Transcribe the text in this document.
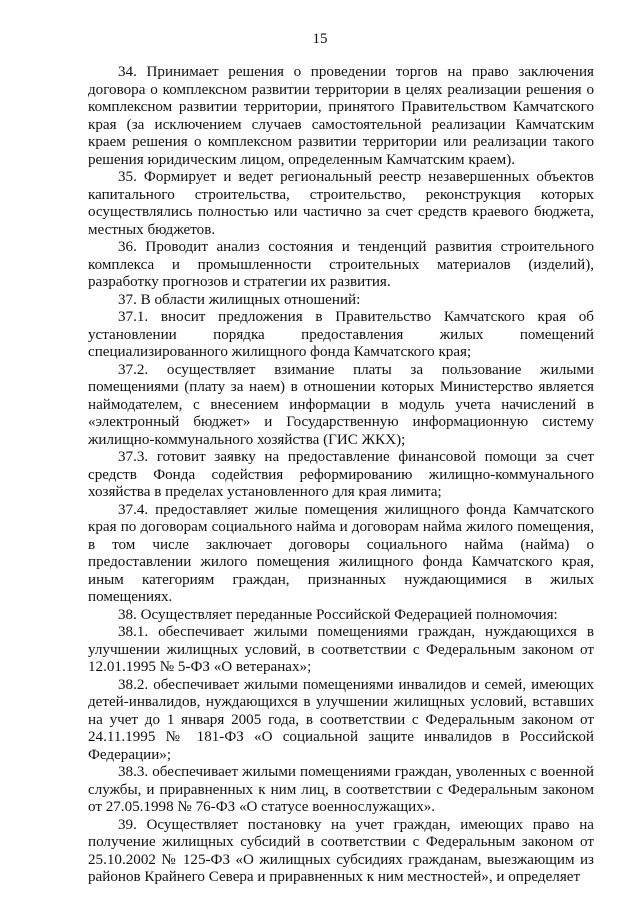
15

34. Принимает решения о проведении торгов на право заключения договора о комплексном развитии территории в целях реализации решения о комплексном развитии территории, принятого Правительством Камчатского края (за исключением случаев самостоятельной реализации Камчатским краем решения о комплексном развитии территории или реализации такого решения юридическим лицом, определенным Камчатским краем).

35. Формирует и ведет региональный реестр незавершенных объектов капитального строительства, строительство, реконструкция которых осуществлялись полностью или частично за счет средств краевого бюджета, местных бюджетов.

36. Проводит анализ состояния и тенденций развития строительного комплекса и промышленности строительных материалов (изделий), разработку прогнозов и стратегии их развития.

37. В области жилищных отношений:

37.1. вносит предложения в Правительство Камчатского края об установлении порядка предоставления жилых помещений специализированного жилищного фонда Камчатского края;

37.2. осуществляет взимание платы за пользование жилыми помещениями (плату за наем) в отношении которых Министерство является наймодателем, с внесением информации в модуль учета начислений в «электронный бюджет» и Государственную информационную систему жилищно-коммунального хозяйства (ГИС ЖКХ);

37.3. готовит заявку на предоставление финансовой помощи за счет средств Фонда содействия реформированию жилищно-коммунального хозяйства в пределах установленного для края лимита;

37.4. предоставляет жилые помещения жилищного фонда Камчатского края по договорам социального найма и договорам найма жилого помещения, в том числе заключает договоры социального найма (найма) о предоставлении жилого помещения жилищного фонда Камчатского края, иным категориям граждан, признанных нуждающимися в жилых помещениях.

38. Осуществляет переданные Российской Федерацией полномочия:

38.1. обеспечивает жилыми помещениями граждан, нуждающихся в улучшении жилищных условий, в соответствии с Федеральным законом от 12.01.1995 № 5-ФЗ «О ветеранах»;

38.2. обеспечивает жилыми помещениями инвалидов и семей, имеющих детей-инвалидов, нуждающихся в улучшении жилищных условий, вставших на учет до 1 января 2005 года, в соответствии с Федеральным законом от 24.11.1995 № 181-ФЗ «О социальной защите инвалидов в Российской Федерации»;

38.3. обеспечивает жилыми помещениями граждан, уволенных с военной службы, и приравненных к ним лиц, в соответствии с Федеральным законом от 27.05.1998 № 76-ФЗ «О статусе военнослужащих».

39. Осуществляет постановку на учет граждан, имеющих право на получение жилищных субсидий в соответствии с Федеральным законом от 25.10.2002 № 125-ФЗ «О жилищных субсидиях гражданам, выезжающим из районов Крайнего Севера и приравненных к ним местностей», и определяет
